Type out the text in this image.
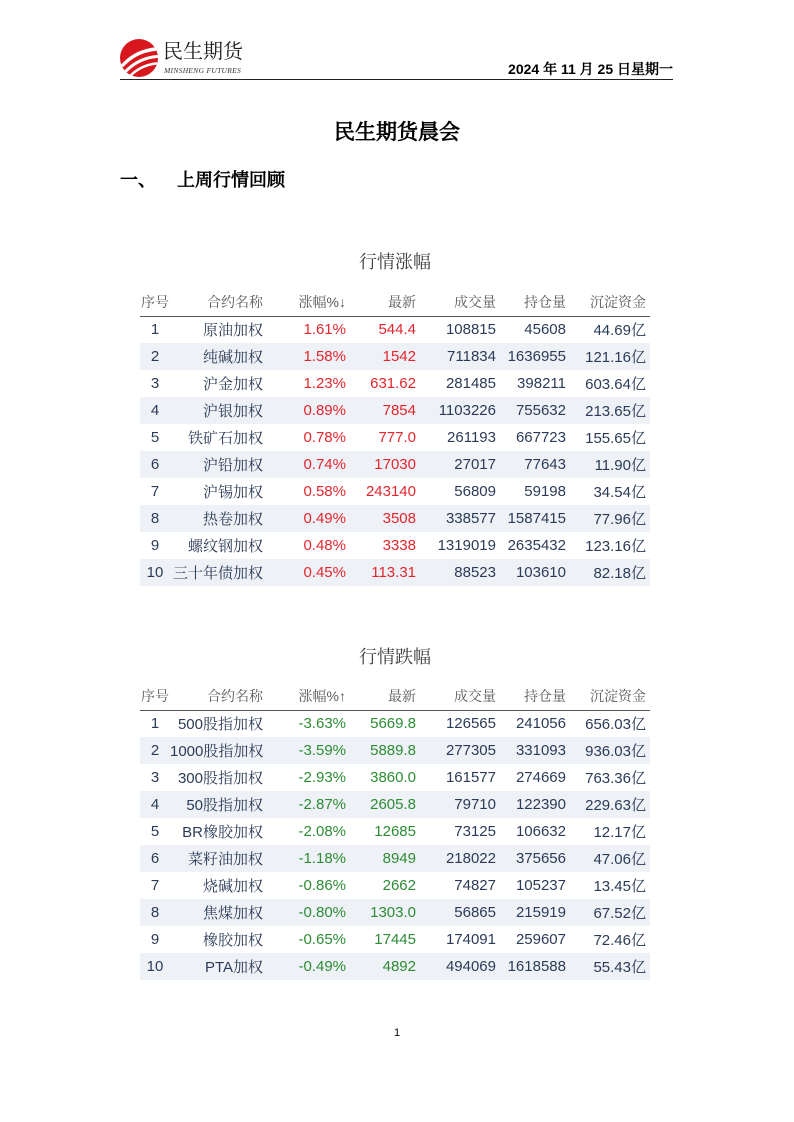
民生期货
MINSHENG FUTURES	2024 年 11 月 25 日星期一
民生期货晨会
一、 上周行情回顾
行情涨幅
序号	合约名称	涨幅%↓	最新	成交量	持仓量	沉淀资金
1	原油加权	1.61%	544.4	108815	45608	44.69亿
2	纯碱加权	1.58%	1542	711834	1636955	121.16亿
3	沪金加权	1.23%	631.62	281485	398211	603.64亿
4	沪银加权	0.89%	7854	1103226	755632	213.65亿
5	铁矿石加权	0.78%	777.0	261193	667723	155.65亿
6	沪铅加权	0.74%	17030	27017	77643	11.90亿
7	沪锡加权	0.58%	243140	56809	59198	34.54亿
8	热卷加权	0.49%	3508	338577	1587415	77.96亿
9	螺纹钢加权	0.48%	3338	1319019	2635432	123.16亿
10	三十年债加权	0.45%	113.31	88523	103610	82.18亿
行情跌幅
序号	合约名称	涨幅%↑	最新	成交量	持仓量	沉淀资金
1	500股指加权	-3.63%	5669.8	126565	241056	656.03亿
2	1000股指加权	-3.59%	5889.8	277305	331093	936.03亿
3	300股指加权	-2.93%	3860.0	161577	274669	763.36亿
4	50股指加权	-2.87%	2605.8	79710	122390	229.63亿
5	BR橡胶加权	-2.08%	12685	73125	106632	12.17亿
6	菜籽油加权	-1.18%	8949	218022	375656	47.06亿
7	烧碱加权	-0.86%	2662	74827	105237	13.45亿
8	焦煤加权	-0.80%	1303.0	56865	215919	67.52亿
9	橡胶加权	-0.65%	17445	174091	259607	72.46亿
10	PTA加权	-0.49%	4892	494069	1618588	55.43亿
1
